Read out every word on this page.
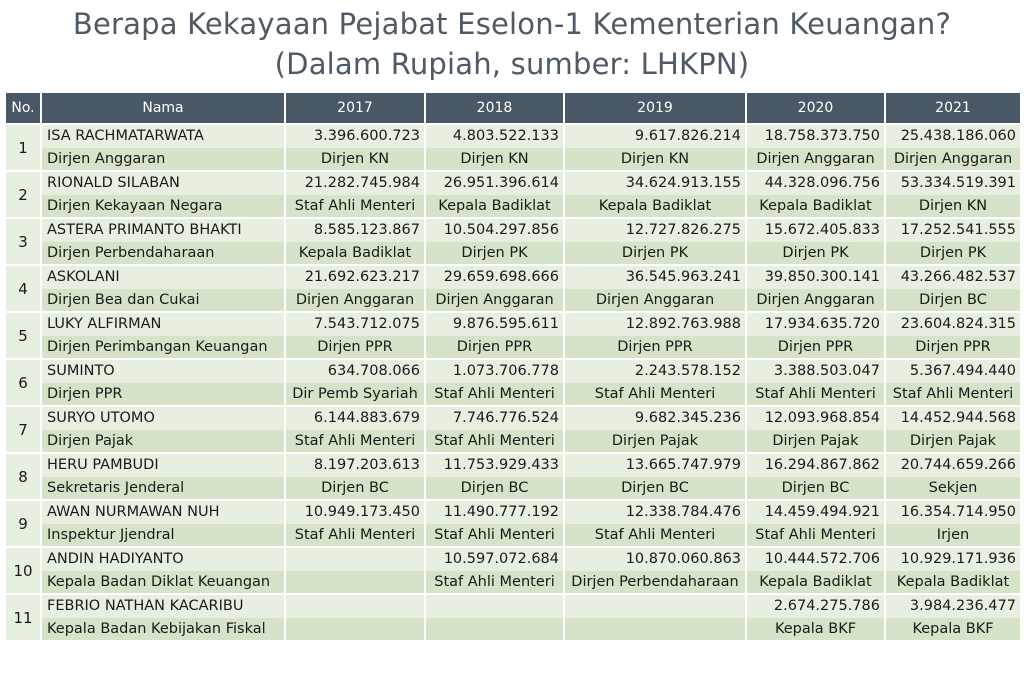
Berapa Kekayaan Pejabat Eselon-1 Kementerian Keuangan?
(Dalam Rupiah, sumber: LHKPN)
No.	Nama	2017	2018	2019	2020	2021
1	ISA RACHMATARWATA	3.396.600.723	4.803.522.133	9.617.826.214	18.758.373.750	25.438.186.060
	Dirjen Anggaran	Dirjen KN	Dirjen KN	Dirjen KN	Dirjen Anggaran	Dirjen Anggaran
2	RIONALD SILABAN	21.282.745.984	26.951.396.614	34.624.913.155	44.328.096.756	53.334.519.391
	Dirjen Kekayaan Negara	Staf Ahli Menteri	Kepala Badiklat	Kepala Badiklat	Kepala Badiklat	Dirjen KN
3	ASTERA PRIMANTO BHAKTI	8.585.123.867	10.504.297.856	12.727.826.275	15.672.405.833	17.252.541.555
	Dirjen Perbendaharaan	Kepala Badiklat	Dirjen PK	Dirjen PK	Dirjen PK	Dirjen PK
4	ASKOLANI	21.692.623.217	29.659.698.666	36.545.963.241	39.850.300.141	43.266.482.537
	Dirjen Bea dan Cukai	Dirjen Anggaran	Dirjen Anggaran	Dirjen Anggaran	Dirjen Anggaran	Dirjen BC
5	LUKY ALFIRMAN	7.543.712.075	9.876.595.611	12.892.763.988	17.934.635.720	23.604.824.315
	Dirjen Perimbangan Keuangan	Dirjen PPR	Dirjen PPR	Dirjen PPR	Dirjen PPR	Dirjen PPR
6	SUMINTO	634.708.066	1.073.706.778	2.243.578.152	3.388.503.047	5.367.494.440
	Dirjen PPR	Dir Pemb Syariah	Staf Ahli Menteri	Staf Ahli Menteri	Staf Ahli Menteri	Staf Ahli Menteri
7	SURYO UTOMO	6.144.883.679	7.746.776.524	9.682.345.236	12.093.968.854	14.452.944.568
	Dirjen Pajak	Staf Ahli Menteri	Staf Ahli Menteri	Dirjen Pajak	Dirjen Pajak	Dirjen Pajak
8	HERU PAMBUDI	8.197.203.613	11.753.929.433	13.665.747.979	16.294.867.862	20.744.659.266
	Sekretaris Jenderal	Dirjen BC	Dirjen BC	Dirjen BC	Dirjen BC	Sekjen
9	AWAN NURMAWAN NUH	10.949.173.450	11.490.777.192	12.338.784.476	14.459.494.921	16.354.714.950
	Inspektur Jjendral	Staf Ahli Menteri	Staf Ahli Menteri	Staf Ahli Menteri	Staf Ahli Menteri	Irjen
10	ANDIN HADIYANTO		10.597.072.684	10.870.060.863	10.444.572.706	10.929.171.936
	Kepala Badan Diklat Keuangan		Staf Ahli Menteri	Dirjen Perbendaharaan	Kepala Badiklat	Kepala Badiklat
11	FEBRIO NATHAN KACARIBU				2.674.275.786	3.984.236.477
	Kepala Badan Kebijakan Fiskal				Kepala BKF	Kepala BKF
